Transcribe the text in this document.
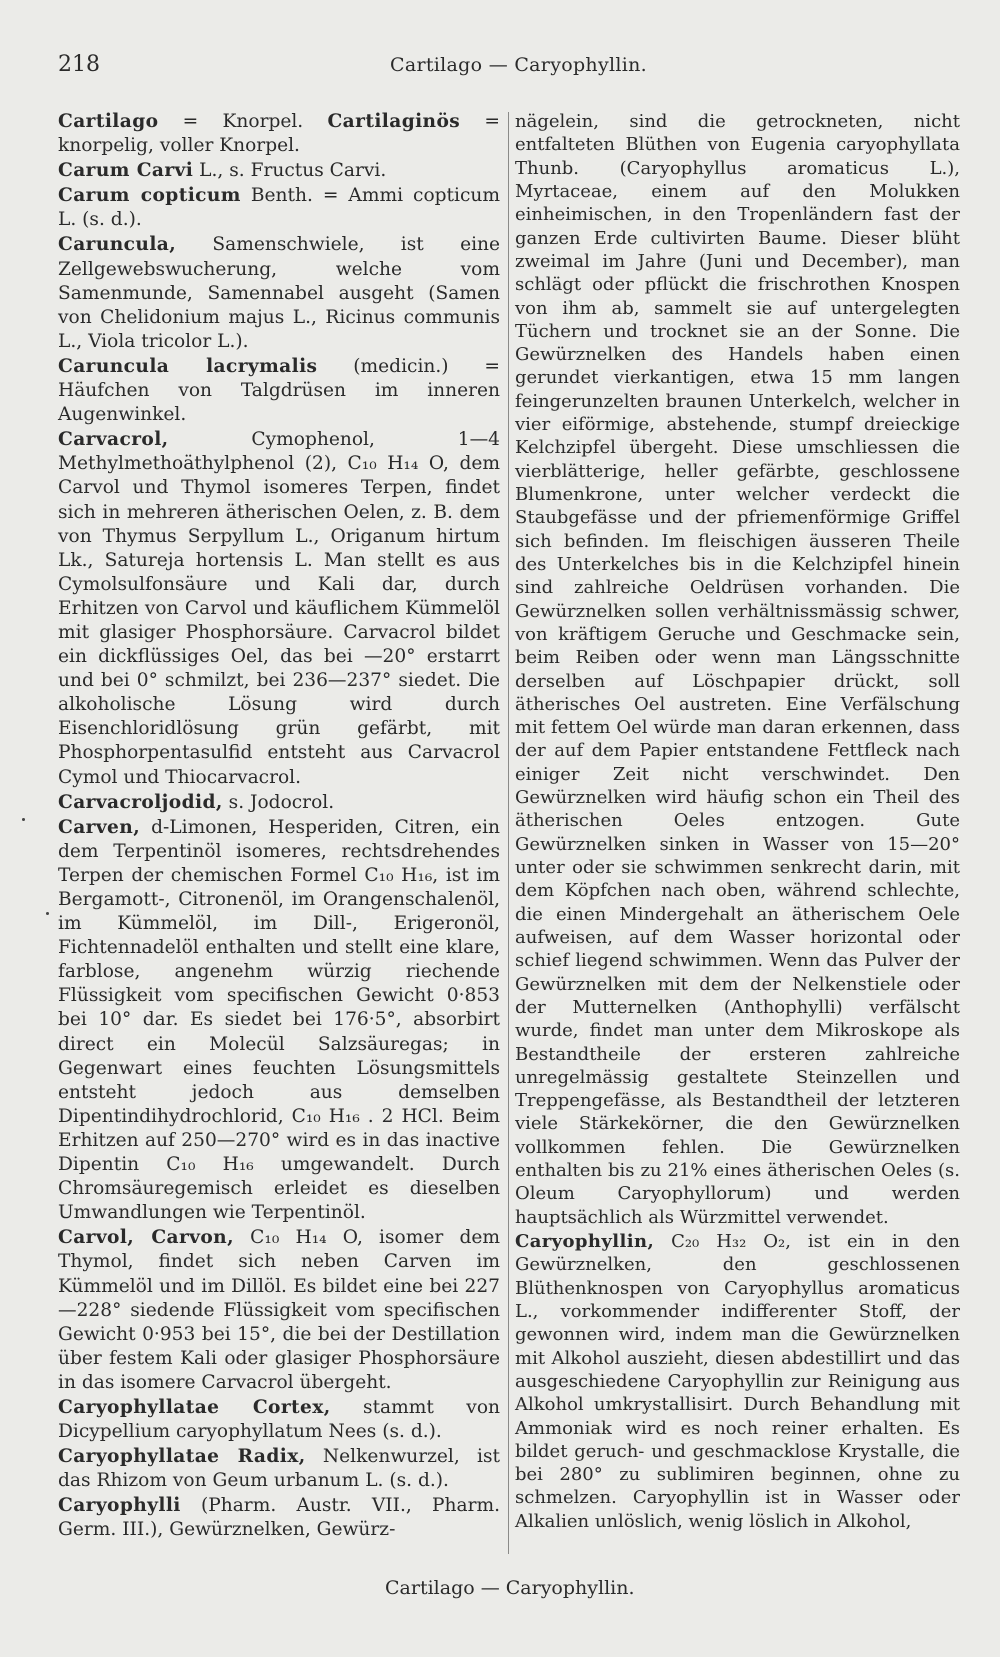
218	Cartilago — Caryophyllin.

Cartilago = Knorpel. Cartilaginös = knorpelig, voller Knorpel.

Carum Carvi L., s. Fructus Carvi.

Carum copticum Benth. = Ammi copticum L. (s. d.).

Caruncula, Samenschwiele, ist eine Zellgewebswucherung, welche vom Samenmunde, Samennabel ausgeht (Samen von Chelidonium majus L., Ricinus communis L., Viola tricolor L.).

Caruncula lacrymalis (medicin.) = Häufchen von Talgdrüsen im inneren Augenwinkel.

Carvacrol, Cymophenol, 1—4 Methylmethoäthylphenol (2), C₁₀ H₁₄ O, dem Carvol und Thymol isomeres Terpen, findet sich in mehreren ätherischen Oelen, z. B. dem von Thymus Serpyllum L., Origanum hirtum Lk., Satureja hortensis L. Man stellt es aus Cymolsulfonsäure und Kali dar, durch Erhitzen von Carvol und käuflichem Kümmelöl mit glasiger Phosphorsäure. Carvacrol bildet ein dickflüssiges Oel, das bei —20° erstarrt und bei 0° schmilzt, bei 236—237° siedet. Die alkoholische Lösung wird durch Eisenchloridlösung grün gefärbt, mit Phosphorpentasulfid entsteht aus Carvacrol Cymol und Thiocarvacrol.

Carvacroljodid, s. Jodocrol.

Carven, d-Limonen, Hesperiden, Citren, ein dem Terpentinöl isomeres, rechtsdrehendes Terpen der chemischen Formel C₁₀ H₁₆, ist im Bergamott-, Citronenöl, im Orangenschalenöl, im Kümmelöl, im Dill-, Erigeronöl, Fichtennadelöl enthalten und stellt eine klare, farblose, angenehm würzig riechende Flüssigkeit vom specifischen Gewicht 0·853 bei 10° dar. Es siedet bei 176·5°, absorbirt direct ein Molecül Salzsäuregas; in Gegenwart eines feuchten Lösungsmittels entsteht jedoch aus demselben Dipentindihydrochlorid, C₁₀ H₁₆ . 2 HCl. Beim Erhitzen auf 250—270° wird es in das inactive Dipentin C₁₀ H₁₆ umgewandelt. Durch Chromsäuregemisch erleidet es dieselben Umwandlungen wie Terpentinöl.

Carvol, Carvon, C₁₀ H₁₄ O, isomer dem Thymol, findet sich neben Carven im Kümmelöl und im Dillöl. Es bildet eine bei 227—228° siedende Flüssigkeit vom specifischen Gewicht 0·953 bei 15°, die bei der Destillation über festem Kali oder glasiger Phosphorsäure in das isomere Carvacrol übergeht.

Caryophyllatae Cortex, stammt von Dicypellium caryophyllatum Nees (s. d.).

Caryophyllatae Radix, Nelkenwurzel, ist das Rhizom von Geum urbanum L. (s. d.).

Caryophylli (Pharm. Austr. VII., Pharm. Germ. III.), Gewürznelken, Gewürz-

nägelein, sind die getrockneten, nicht entfalteten Blüthen von Eugenia caryophyllata Thunb. (Caryophyllus aromaticus L.), Myrtaceae, einem auf den Molukken einheimischen, in den Tropenländern fast der ganzen Erde cultivirten Baume. Dieser blüht zweimal im Jahre (Juni und December), man schlägt oder pflückt die frischrothen Knospen von ihm ab, sammelt sie auf untergelegten Tüchern und trocknet sie an der Sonne. Die Gewürznelken des Handels haben einen gerundet vierkantigen, etwa 15 mm langen feingerunzelten braunen Unterkelch, welcher in vier eiförmige, abstehende, stumpf dreieckige Kelchzipfel übergeht. Diese umschliessen die vierblätterige, heller gefärbte, geschlossene Blumenkrone, unter welcher verdeckt die Staubgefässe und der pfriemenförmige Griffel sich befinden. Im fleischigen äusseren Theile des Unterkelches bis in die Kelchzipfel hinein sind zahlreiche Oeldrüsen vorhanden. Die Gewürznelken sollen verhältnissmässig schwer, von kräftigem Geruche und Geschmacke sein, beim Reiben oder wenn man Längsschnitte derselben auf Löschpapier drückt, soll ätherisches Oel austreten. Eine Verfälschung mit fettem Oel würde man daran erkennen, dass der auf dem Papier entstandene Fettfleck nach einiger Zeit nicht verschwindet. Den Gewürznelken wird häufig schon ein Theil des ätherischen Oeles entzogen. Gute Gewürznelken sinken in Wasser von 15—20° unter oder sie schwimmen senkrecht darin, mit dem Köpfchen nach oben, während schlechte, die einen Mindergehalt an ätherischem Oele aufweisen, auf dem Wasser horizontal oder schief liegend schwimmen. Wenn das Pulver der Gewürznelken mit dem der Nelkenstiele oder der Mutternelken (Anthophylli) verfälscht wurde, findet man unter dem Mikroskope als Bestandtheile der ersteren zahlreiche unregelmässig gestaltete Steinzellen und Treppengefässe, als Bestandtheil der letzteren viele Stärkekörner, die den Gewürznelken vollkommen fehlen. Die Gewürznelken enthalten bis zu 21% eines ätherischen Oeles (s. Oleum Caryophyllorum) und werden hauptsächlich als Würzmittel verwendet.

Caryophyllin, C₂₀ H₃₂ O₂, ist ein in den Gewürznelken, den geschlossenen Blüthenknospen von Caryophyllus aromaticus L., vorkommender indifferenter Stoff, der gewonnen wird, indem man die Gewürznelken mit Alkohol auszieht, diesen abdestillirt und das ausgeschiedene Caryophyllin zur Reinigung aus Alkohol umkrystallisirt. Durch Behandlung mit Ammoniak wird es noch reiner erhalten. Es bildet geruch- und geschmacklose Krystalle, die bei 280° zu sublimiren beginnen, ohne zu schmelzen. Caryophyllin ist in Wasser oder Alkalien unlöslich, wenig löslich in Alkohol,

Cartilago — Caryophyllin.
